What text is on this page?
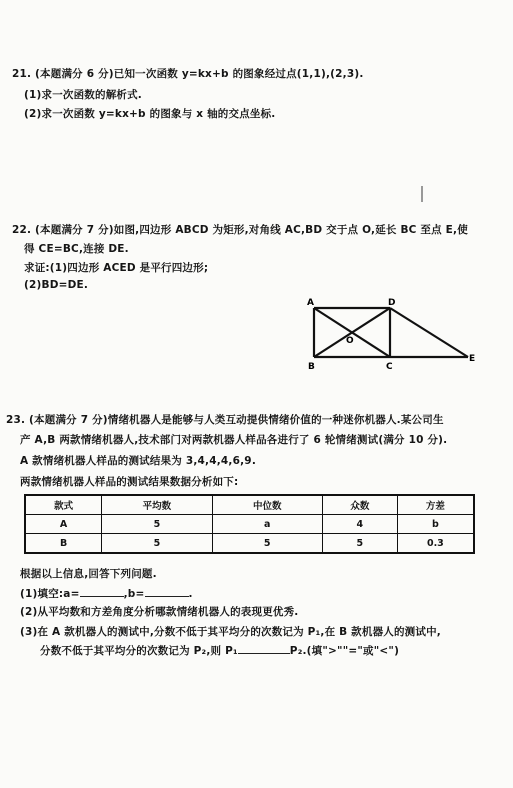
21. (本题满分 6 分)已知一次函数 y=kx+b 的图象经过点(1,1),(2,3).
(1)求一次函数的解析式.
(2)求一次函数 y=kx+b 的图象与 x 轴的交点坐标.
22. (本题满分 7 分)如图,四边形 ABCD 为矩形,对角线 AC,BD 交于点 O,延长 BC 至点 E,使
得 CE=BC,连接 DE.
求证:(1)四边形 ACED 是平行四边形;
(2)BD=DE.
A	D
O
B	C
E
23. (本题满分 7 分)情绪机器人是能够与人类互动提供情绪价值的一种迷你机器人.某公司生
产 A,B 两款情绪机器人,技术部门对两款机器人样品各进行了 6 轮情绪测试(满分 10 分).
A 款情绪机器人样品的测试结果为 3,4,4,4,6,9.
两款情绪机器人样品的测试结果数据分析如下:
款式	平均数	中位数	众数	方差
A	5	a	4	b
B	5	5	5	0.3
根据以上信息,回答下列问题.
(1)填空:a=	,b=	.
(2)从平均数和方差角度分析哪款情绪机器人的表现更优秀.
(3)在 A 款机器人的测试中,分数不低于其平均分的次数记为 P₁,在 B 款机器人的测试中,
分数不低于其平均分的次数记为 P₂,则 P₁	P₂.(填">""="或"<")
